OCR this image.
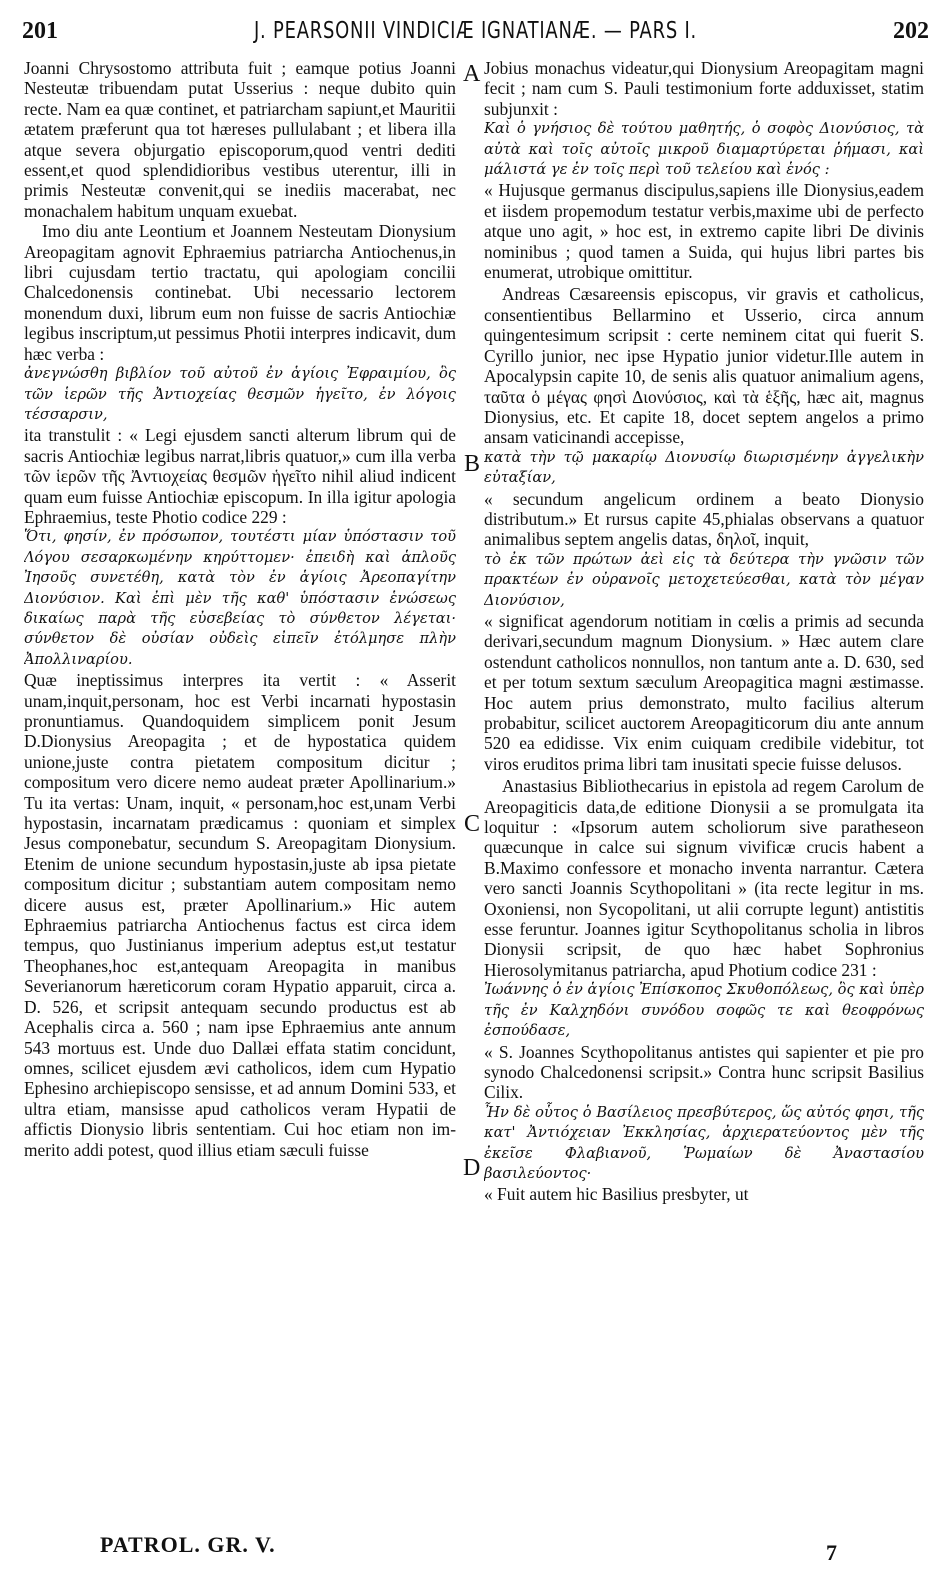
201	J. PEARSONII VINDICIÆ IGNATIANÆ. — PARS I.	202

Joanni Chrysostomo attributa fuit ; eamque potius Joanni Nesteutæ tribuendam putat Usserius : neque dubito quin recte. Nam ea quæ continet, et patriarcham sapiunt,et Mauritii ætatem præferunt qua tot hæreses pullulabant ; et libera illa atque severa objurgatio episcoporum,quod ventri dediti essent,et quod splendidioribus vestibus uterentur, illi in primis Nesteutæ convenit,qui se inediis macerabat, nec monachalem habitum unquam exuebat.

Imo diu ante Leontium et Joannem Nesteutam Dionysium Areopagitam agnovit Ephraemius patriarcha Antiochenus,in libri cujusdam tertio tractatu, qui apologiam concilii Chalcedonensis continebat. Ubi necessario lectorem monendum duxi, librum eum non fuisse de sacris Antiochiæ legibus inscriptum,ut pessimus Photii interpres indicavit, dum hæc verba :

ἀνεγνώσθη βιβλίον τοῦ αὐτοῦ ἐν ἁγίοις Ἐφραιμίου, ὃς τῶν ἱερῶν τῆς Ἀντιοχείας θεσμῶν ἡγεῖτο, ἐν λόγοις τέσσαρσιν,

ita transtulit : « Legi ejusdem sancti alterum librum qui de sacris Antiochiæ legibus narrat,libris quatuor,» cum illa verba τῶν ἱερῶν τῆς Ἀντιοχείας θεσμῶν ἡγεῖτο nihil aliud indicent quam eum fuisse Antiochiæ episcopum. In illa igitur apologia Ephraemius, teste Photio codice 229 :

Ὅτι, φησίν, ἐν πρόσωπον, τουτέστι μίαν ὑπόστασιν τοῦ Λόγου σεσαρκωμένην κηρύττομεν· ἐπειδὴ καὶ ἁπλοῦς Ἰησοῦς συνετέθη, κατὰ τὸν ἐν ἁγίοις Ἀρεοπαγίτην Διονύσιον. Καὶ ἐπὶ μὲν τῆς καθ' ὑπόστασιν ἑνώσεως δικαίως παρὰ τῆς εὐσεβείας τὸ σύνθετον λέγεται· σύνθετον δὲ οὐσίαν οὐδεὶς εἰπεῖν ἐτόλμησε πλὴν Ἀπολλιναρίου.

Quæ ineptissimus interpres ita vertit : « Asserit unam,inquit,personam, hoc est Verbi incarnati hypostasin pronuntiamus. Quandoquidem simplicem ponit Jesum D.Dionysius Areopagita ; et de hypostatica quidem unione,juste contra pietatem compositum dicitur ; compositum vero dicere nemo audeat præter Apollinarium.» Tu ita vertas: Unam, inquit, « personam,hoc est,unam Verbi hypostasin, incarnatam prædicamus : quoniam et simplex Jesus componebatur, secundum S. Areopagitam Dionysium. Etenim de unione secundum hypostasin,juste ab ipsa pietate compositum dicitur ; substantiam autem compositam nemo dicere ausus est, præter Apollinarium.» Hic autem Ephraemius patriarcha Antiochenus factus est circa idem tempus, quo Justinianus imperium adeptus est,ut testatur Theophanes,hoc est,antequam Areopagita in manibus Severianorum hæreticorum coram Hypatio apparuit, circa a. D. 526, et scripsit antequam secundo productus est ab Acephalis circa a. 560 ; nam ipse Ephraemius ante annum 543 mortuus est. Unde duo Dallæi effata statim concidunt, omnes, scilicet ejusdem ævi catholicos, idem cum Hypatio Ephesino archiepiscopo sensisse, et ad annum Domini 533, et ultra etiam, mansisse apud catholicos veram Hypatii de affictis Dionysio libris sententiam. Cui hoc etiam non immerito addi potest, quod illius etiam sæculi fuisse

A
B
C
D

Jobius monachus videatur,qui Dionysium Areopagitam magni fecit ; nam cum S. Pauli testimonium forte adduxisset, statim subjunxit :

Καὶ ὁ γνήσιος δὲ τούτου μαθητής, ὁ σοφὸς Διονύσιος, τὰ αὐτὰ καὶ τοῖς αὐτοῖς μικροῦ διαμαρτύρεται ῥήμασι, καὶ μάλιστά γε ἐν τοῖς περὶ τοῦ τελείου καὶ ἑνός :

« Hujusque germanus discipulus,sapiens ille Dionysius,eadem et iisdem propemodum testatur verbis,maxime ubi de perfecto atque uno agit, » hoc est, in extremo capite libri De divinis nominibus ; quod tamen a Suida, qui hujus libri partes bis enumerat, utrobique omittitur.

Andreas Cæsareensis episcopus, vir gravis et catholicus, consentientibus Bellarmino et Usserio, circa annum quingentesimum scripsit : certe neminem citat qui fuerit S. Cyrillo junior, nec ipse Hypatio junior videtur.Ille autem in Apocalypsin capite 10, de senis alis quatuor animalium agens, ταῦτα ὁ μέγας φησὶ Διονύσιος, καὶ τὰ ἑξῆς, hæc ait, magnus Dionysius, etc. Et capite 18, docet septem angelos a primo ansam vaticinandi accepisse,

κατὰ τὴν τῷ μακαρίῳ Διονυσίῳ διωρισμένην ἀγγελικὴν εὐταξίαν,

« secundum angelicum ordinem a beato Dionysio distributum.» Et rursus capite 45,phialas observans a quatuor animalibus septem angelis datas, δηλοῖ, inquit,

τὸ ἐκ τῶν πρώτων ἀεὶ εἰς τὰ δεύτερα τὴν γνῶσιν τῶν πρακτέων ἐν οὐρανοῖς μετοχετεύεσθαι, κατὰ τὸν μέγαν Διονύσιον,

« significat agendorum notitiam in cœlis a primis ad secunda derivari,secundum magnum Dionysium. » Hæc autem clare ostendunt catholicos nonnullos, non tantum ante a. D. 630, sed et per totum sextum sæculum Areopagitica magni æstimasse. Hoc autem prius demonstrato, multo facilius alterum probabitur, scilicet auctorem Areopagiticorum diu ante annum 520 ea edidisse. Vix enim cuiquam credibile videbitur, tot viros eruditos prima libri tam inusitati specie fuisse delusos.

Anastasius Bibliothecarius in epistola ad regem Carolum de Areopagiticis data,de editione Dionysii a se promulgata ita loquitur : «Ipsorum autem scholiorum sive paratheseon quæcunque in calce sui signum vivificæ crucis habent a B.Maximo confessore et monacho inventa narrantur. Cætera vero sancti Joannis Scythopolitani » (ita recte legitur in ms. Oxoniensi, non Sycopolitani, ut alii corrupte legunt) antistitis esse feruntur. Joannes igitur Scythopolitanus scholia in libros Dionysii scripsit, de quo hæc habet Sophronius Hierosolymitanus patriarcha, apud Photium codice 231 :

Ἰωάννης ὁ ἐν ἁγίοις Ἐπίσκοπος Σκυθοπόλεως, ὃς καὶ ὑπὲρ τῆς ἐν Καλχηδόνι συνόδου σοφῶς τε καὶ θεοφρόνως ἐσπούδασε,

« S. Joannes Scythopolitanus antistes qui sapienter et pie pro synodo Chalcedonensi scripsit.» Contra hunc scripsit Basilius Cilix.

Ἦν δὲ οὗτος ὁ Βασίλειος πρεσβύτερος, ὥς αὐτός φησι, τῆς κατ' Ἀντιόχειαν Ἐκκλησίας, ἀρχιερατεύοντος μὲν τῆς ἐκεῖσε Φλαβιανοῦ, Ῥωμαίων δὲ Ἀναστασίου βασιλεύοντος·

« Fuit autem hic Basilius presbyter, ut

PATROL. GR. V.	7
